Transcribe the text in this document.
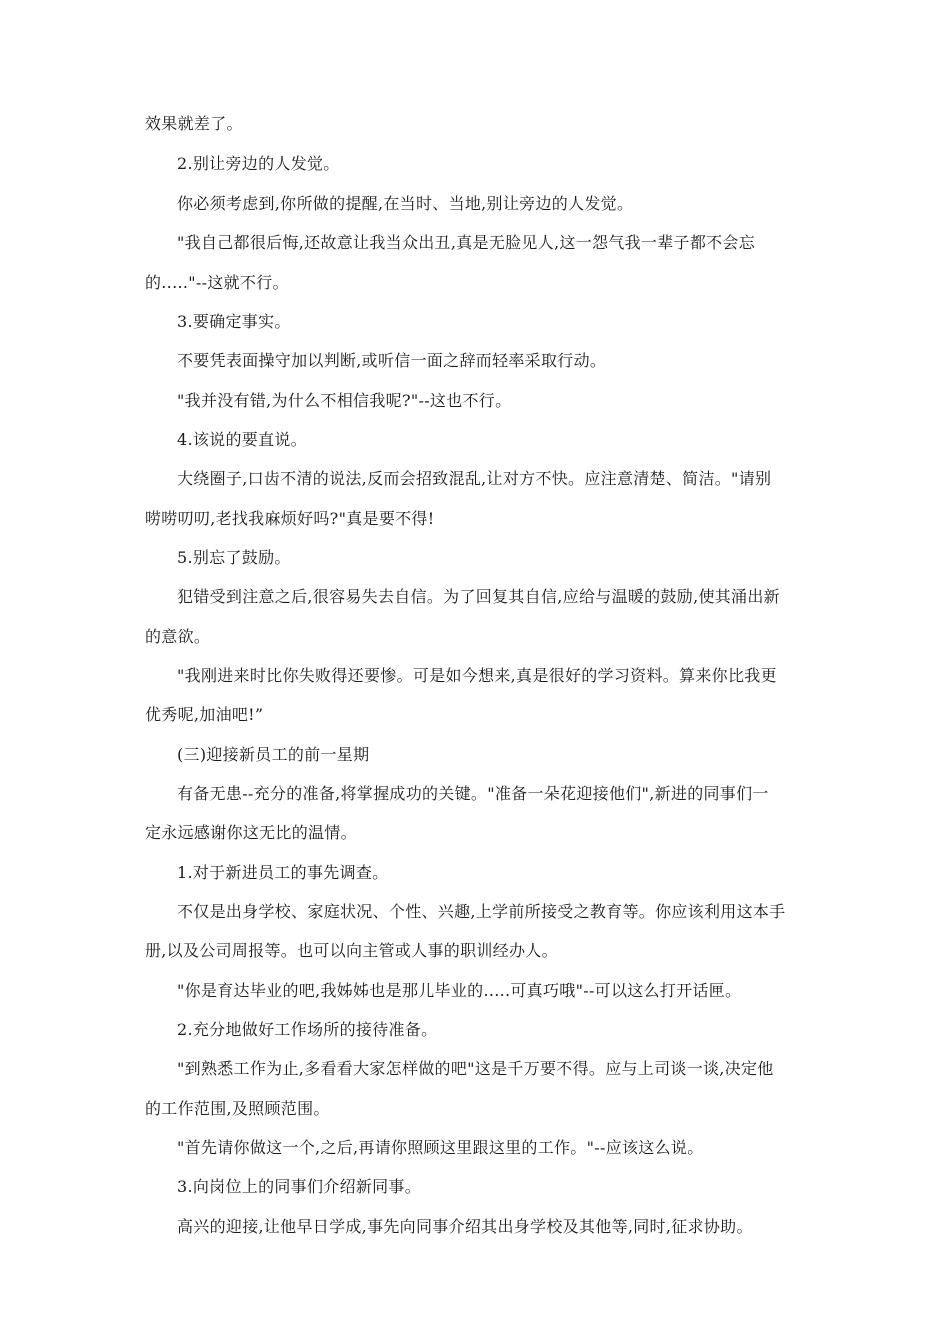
效果就差了。
2.别让旁边的人发觉。
你必须考虑到,你所做的提醒,在当时、当地,别让旁边的人发觉。
"我自己都很后悔,还故意让我当众出丑,真是无脸见人,这一怨气我一辈子都不会忘
的....."--这就不行。
3.要确定事实。
不要凭表面操守加以判断,或听信一面之辞而轻率采取行动。
"我并没有错,为什么不相信我呢?"--这也不行。
4.该说的要直说。
大绕圈子,口齿不清的说法,反而会招致混乱,让对方不快。应注意清楚、简洁。"请别
唠唠叨叨,老找我麻烦好吗?"真是要不得!
5.别忘了鼓励。
犯错受到注意之后,很容易失去自信。为了回复其自信,应给与温暖的鼓励,使其涌出新
的意欲。
"我刚进来时比你失败得还要惨。可是如今想来,真是很好的学习资料。算来你比我更
优秀呢,加油吧!”
(三)迎接新员工的前一星期
有备无患--充分的准备,将掌握成功的关键。"准备一朵花迎接他们",新进的同事们一
定永远感谢你这无比的温情。
1.对于新进员工的事先调查。
不仅是出身学校、家庭状况、个性、兴趣,上学前所接受之教育等。你应该利用这本手
册,以及公司周报等。也可以向主管或人事的职训经办人。
"你是育达毕业的吧,我姊姊也是那儿毕业的.....可真巧哦"--可以这么打开话匣。
2.充分地做好工作场所的接待准备。
"到熟悉工作为止,多看看大家怎样做的吧"这是千万要不得。应与上司谈一谈,决定他
的工作范围,及照顾范围。
"首先请你做这一个,之后,再请你照顾这里跟这里的工作。"--应该这么说。
3.向岗位上的同事们介绍新同事。
高兴的迎接,让他早日学成,事先向同事介绍其出身学校及其他等,同时,征求协助。
